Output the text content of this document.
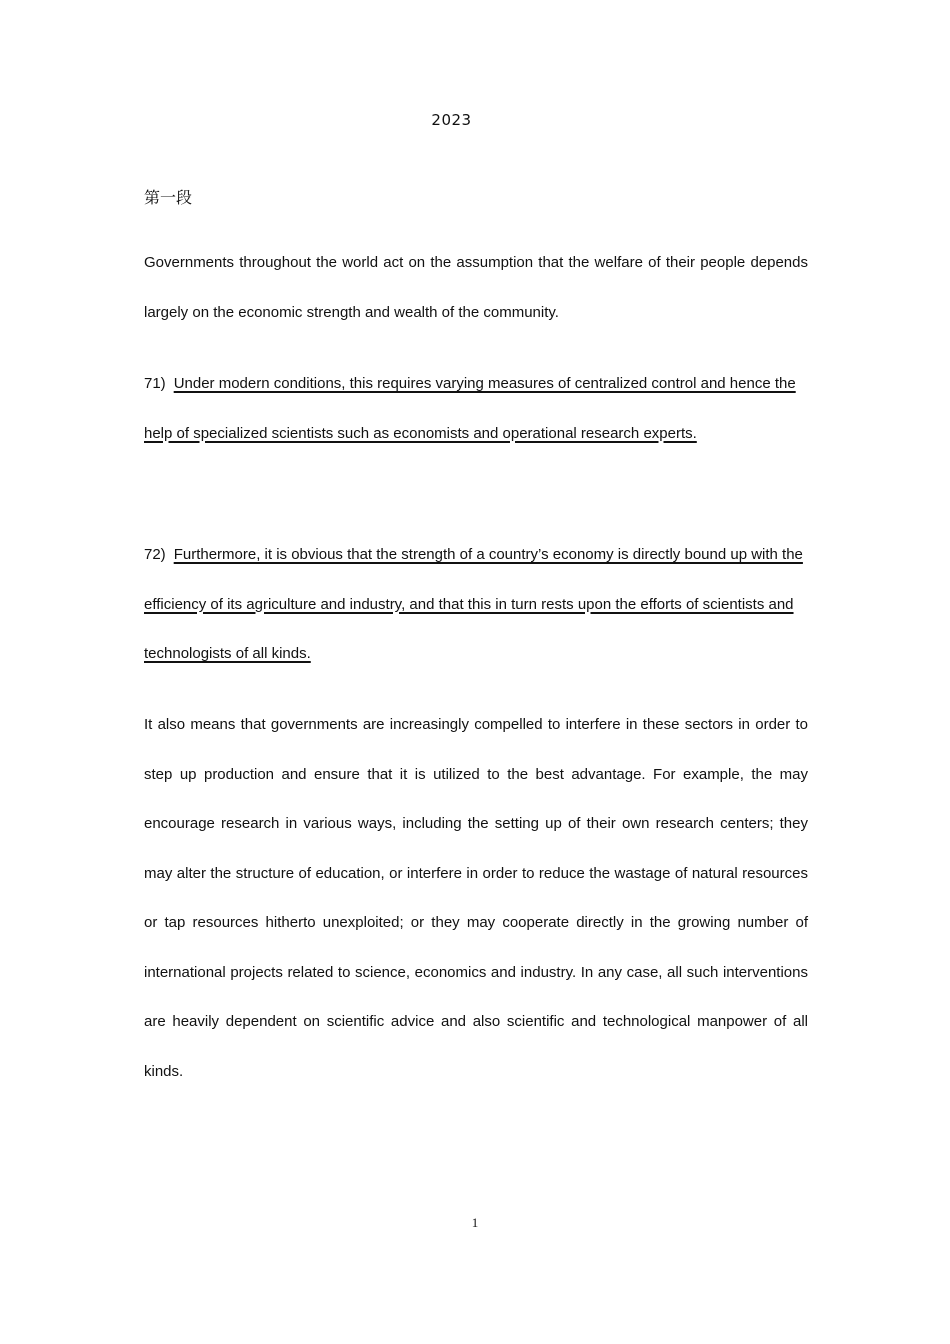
2023
第一段

Governments throughout the world act on the assumption that the welfare of their people depends largely on the economic strength and wealth of the community.

71) Under modern conditions, this requires varying measures of centralized control and hence the help of specialized scientists such as economists and operational research experts.

72) Furthermore, it is obvious that the strength of a country’s economy is directly bound up with the efficiency of its agriculture and industry, and that this in turn rests upon the efforts of scientists and technologists of all kinds.

It also means that governments are increasingly compelled to interfere in these sectors in order to step up production and ensure that it is utilized to the best advantage. For example, the may encourage research in various ways, including the setting up of their own research centers; they may alter the structure of education, or interfere in order to reduce the wastage of natural resources or tap resources hitherto unexploited; or they may cooperate directly in the growing number of international projects related to science, economics and industry. In any case, all such interventions are heavily dependent on scientific advice and also scientific and technological manpower of all kinds.

1
